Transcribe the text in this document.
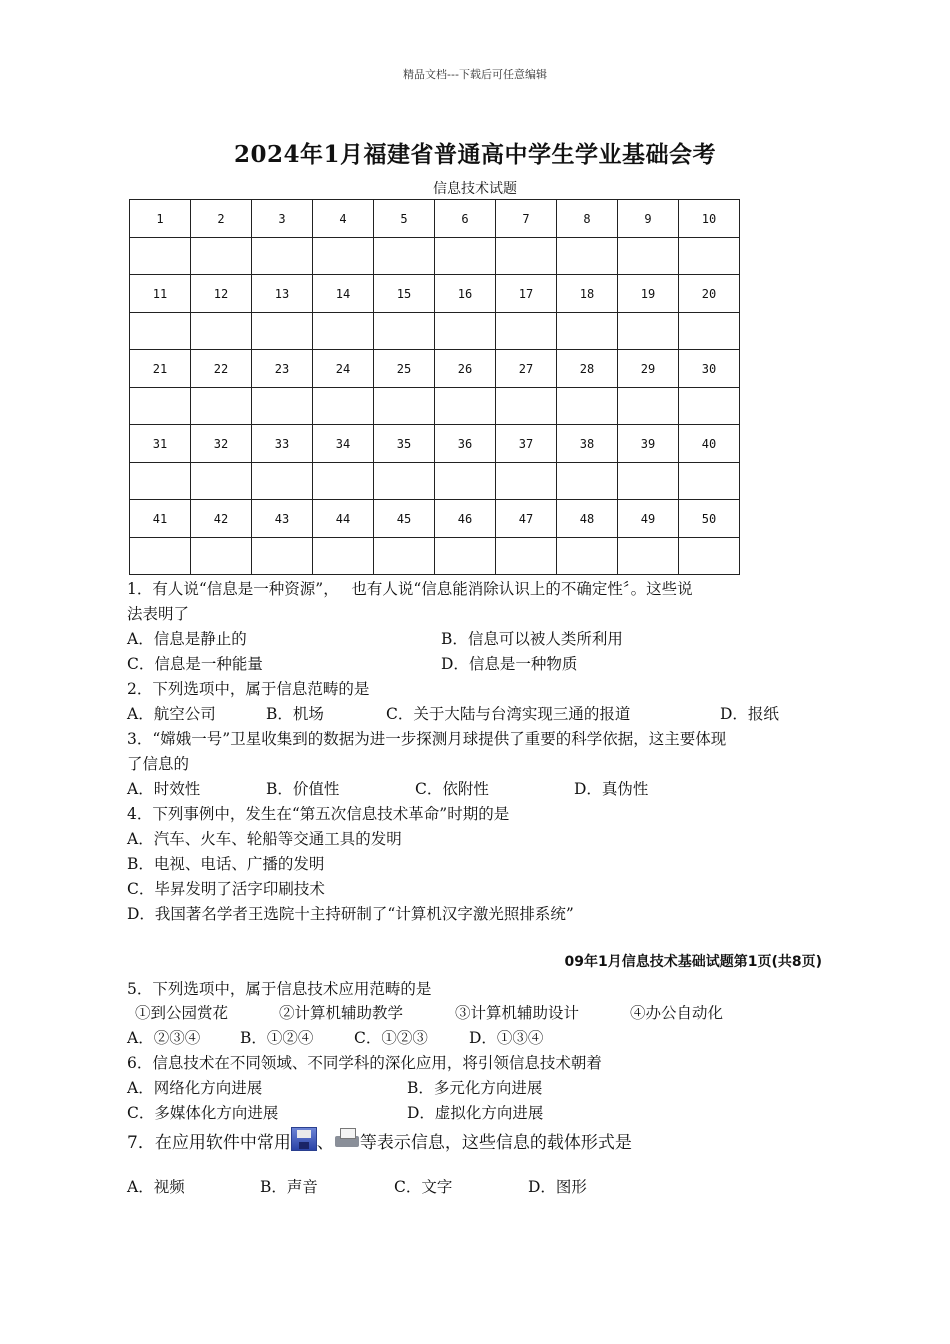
精品文档---下载后可任意编辑
2024年1月福建省普通高中学生学业基础会考
信息技术试题
1	2	3	4	5	6	7	8	9	10

11	12	13	14	15	16	17	18	19	20

21	22	23	24	25	26	27	28	29	30

31	32	33	34	35	36	37	38	39	40

41	42	43	44	45	46	47	48	49	50

1．有人说“信息是一种资源”，　 也有人说“信息能消除认识上的不确定性〞。这些说
法表明了
A．信息是静止的	B．信息可以被人类所利用
C．信息是一种能量	D．信息是一种物质
2．下列选项中，属于信息范畴的是
A．航空公司	B．机场	C．关于大陆与台湾实现三通的报道	D．报纸
3．“嫦娥一号”卫星收集到的数据为进一步探测月球提供了重要的科学依据，这主要体现
了信息的
A．时效性	B．价值性	C．依附性	D．真伪性
4．下列事例中，发生在“第五次信息技术革命”时期的是
A．汽车、火车、轮船等交通工具的发明
B．电视、电话、广播的发明
C．毕昇发明了活字印刷技术
D．我国著名学者王选院十主持研制了“计算机汉字激光照排系统”
09年1月信息技术基础试题第1页(共8页)
5．下列选项中，属于信息技术应用范畴的是
①到公园赏花	②计算机辅助教学	③计算机辅助设计	④办公自动化
A．②③④	B．①②④	C．①②③	D．①③④
6．信息技术在不同领域、不同学科的深化应用，将引领信息技术朝着
A．网络化方向进展	B．多元化方向进展
C．多媒体化方向进展	D．虚拟化方向进展
7．在应用软件中常用 、 等表示信息，这些信息的载体形式是
A．视频	B．声音	C．文字	D．图形
